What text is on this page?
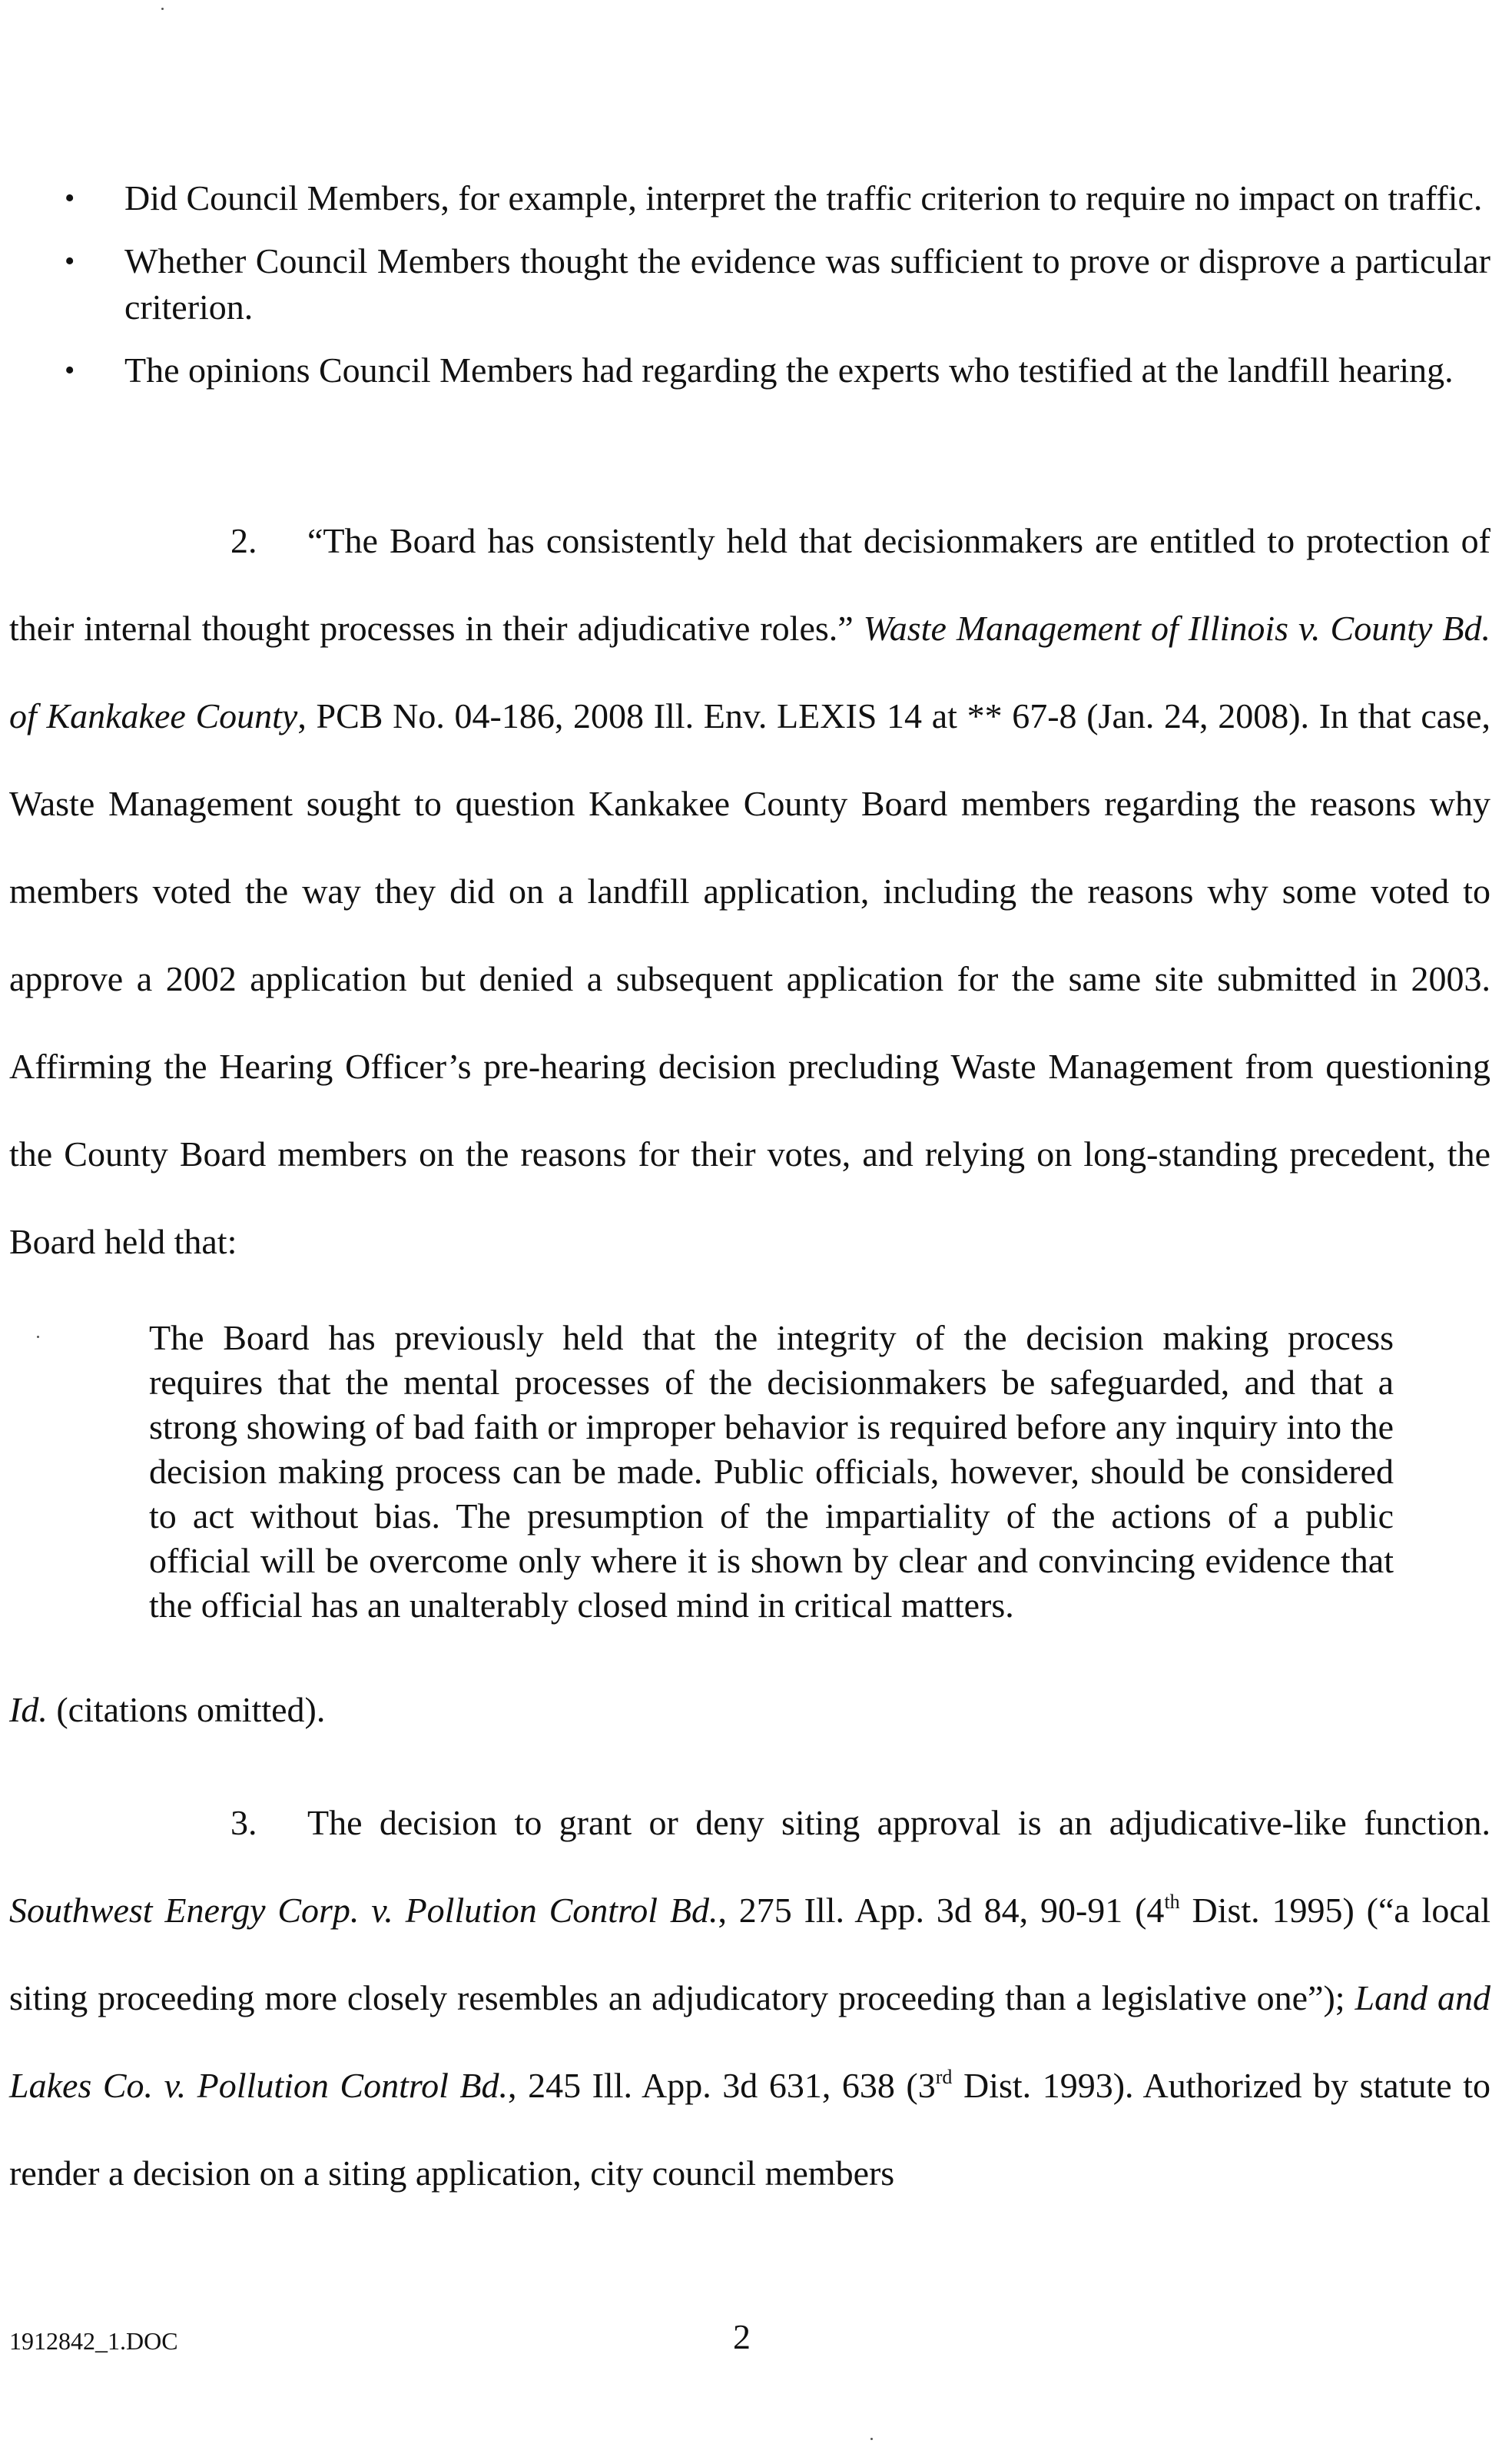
• Did Council Members, for example, interpret the traffic criterion to require no impact on traffic.
• Whether Council Members thought the evidence was sufficient to prove or disprove a particular criterion.
• The opinions Council Members had regarding the experts who testified at the landfill hearing.
2. “The Board has consistently held that decisionmakers are entitled to protection of their internal thought processes in their adjudicative roles.” Waste Management of Illinois v. County Bd. of Kankakee County, PCB No. 04-186, 2008 Ill. Env. LEXIS 14 at ** 67-8 (Jan. 24, 2008). In that case, Waste Management sought to question Kankakee County Board members regarding the reasons why members voted the way they did on a landfill application, including the reasons why some voted to approve a 2002 application but denied a subsequent application for the same site submitted in 2003. Affirming the Hearing Officer’s pre-hearing decision precluding Waste Management from questioning the County Board members on the reasons for their votes, and relying on long-standing precedent, the Board held that:
The Board has previously held that the integrity of the decision making process requires that the mental processes of the decisionmakers be safeguarded, and that a strong showing of bad faith or improper behavior is required before any inquiry into the decision making process can be made. Public officials, however, should be considered to act without bias. The presumption of the impartiality of the actions of a public official will be overcome only where it is shown by clear and convincing evidence that the official has an unalterably closed mind in critical matters.
Id. (citations omitted).
3. The decision to grant or deny siting approval is an adjudicative-like function. Southwest Energy Corp. v. Pollution Control Bd., 275 Ill. App. 3d 84, 90-91 (4th Dist. 1995) (“a local siting proceeding more closely resembles an adjudicatory proceeding than a legislative one”); Land and Lakes Co. v. Pollution Control Bd., 245 Ill. App. 3d 631, 638 (3rd Dist. 1993). Authorized by statute to render a decision on a siting application, city council members
1912842_1.DOC	2
